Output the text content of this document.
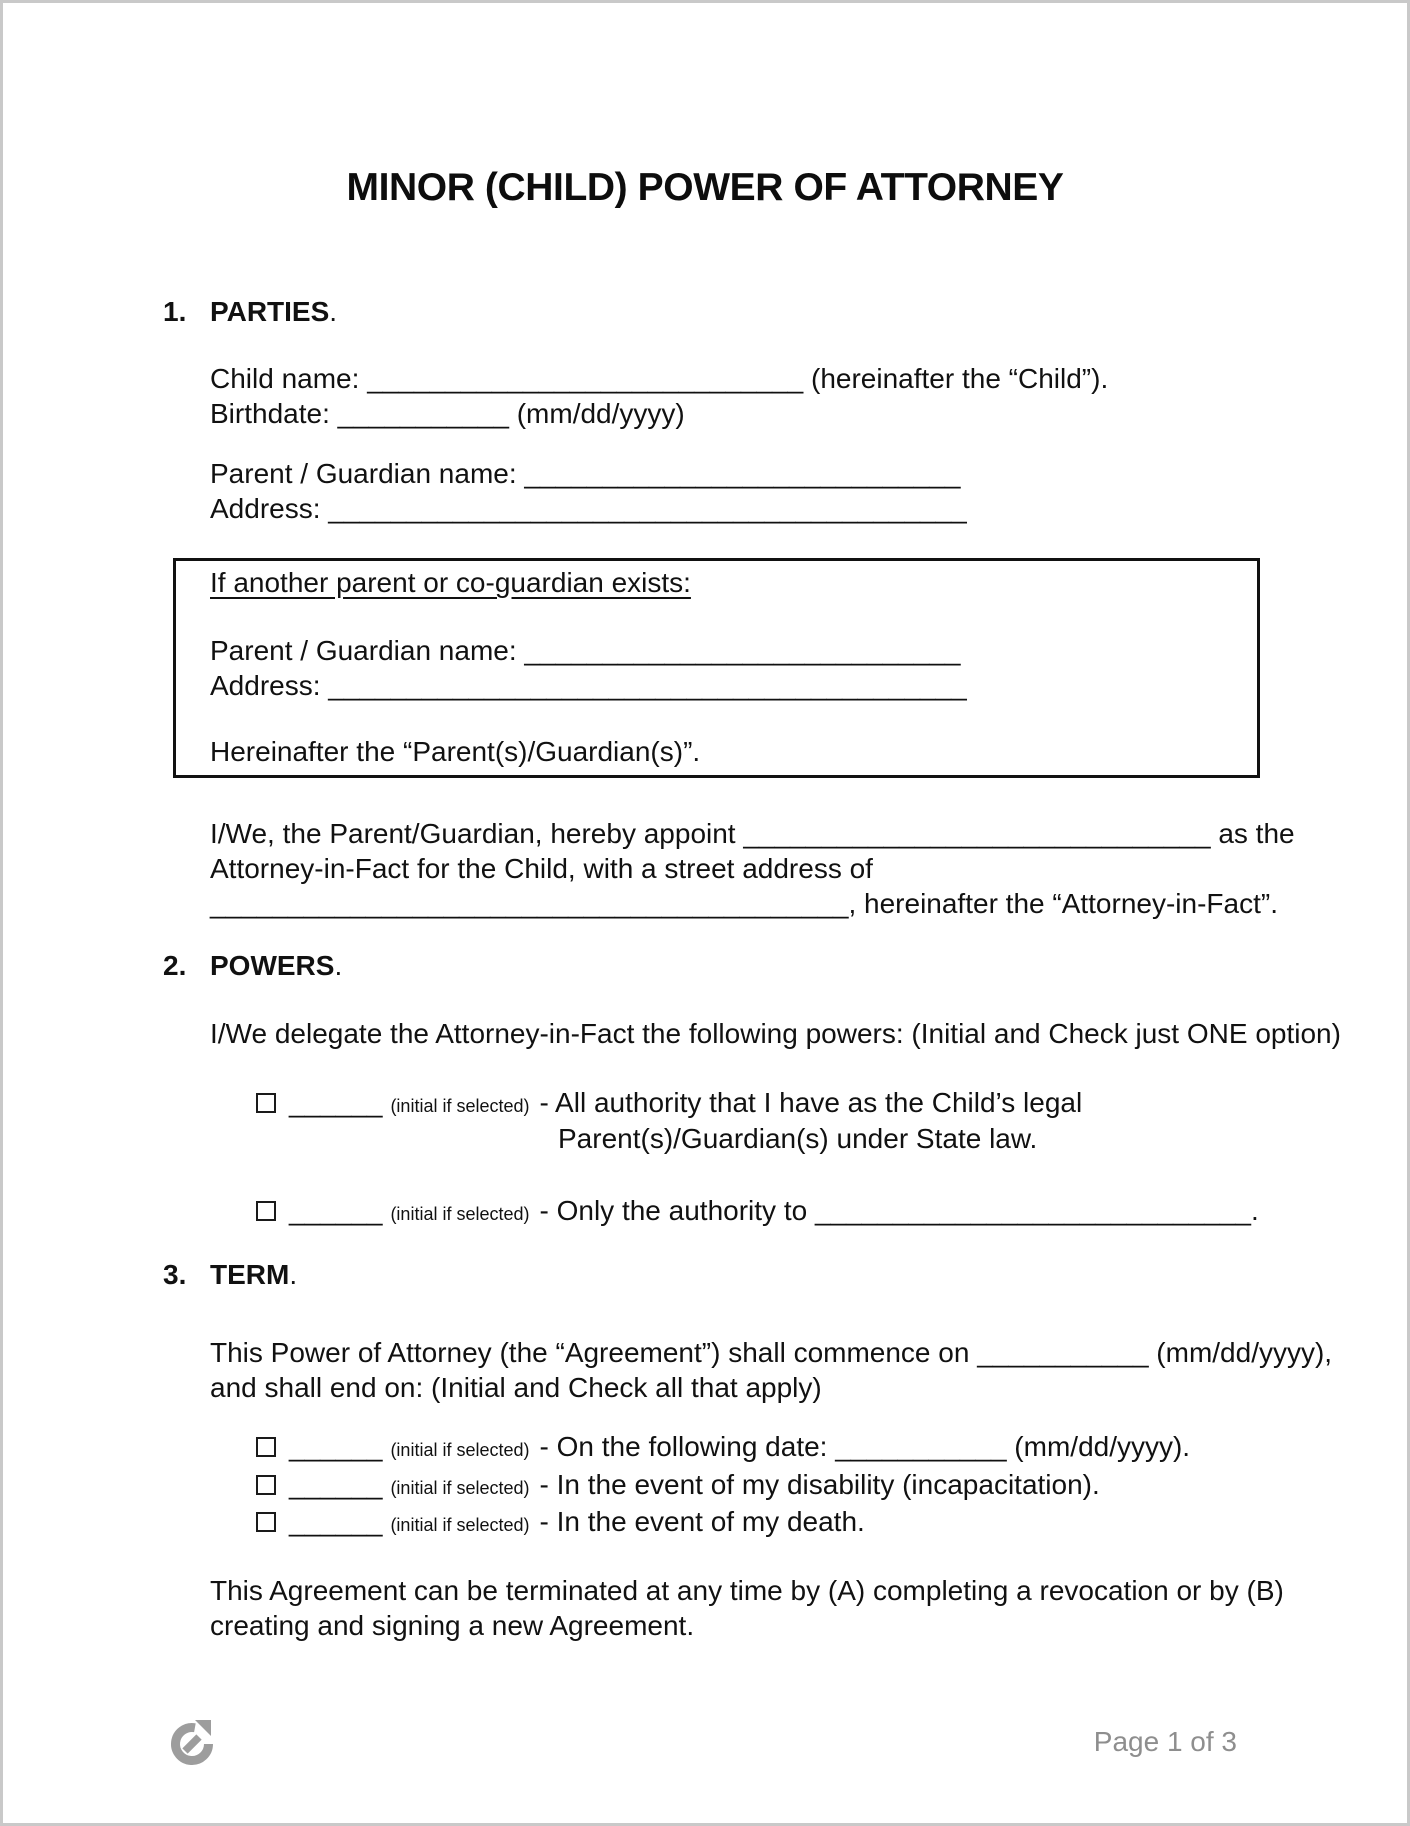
MINOR (CHILD) POWER OF ATTORNEY
1. PARTIES.
Child name: ____________________________ (hereinafter the “Child”).
Birthdate: ___________ (mm/dd/yyyy)
Parent / Guardian name: ____________________________
Address: _________________________________________
If another parent or co-guardian exists:
Parent / Guardian name: ____________________________
Address: _________________________________________
Hereinafter the “Parent(s)/Guardian(s)”.
I/We, the Parent/Guardian, hereby appoint ______________________________ as the
Attorney-in-Fact for the Child, with a street address of
_________________________________________, hereinafter the “Attorney-in-Fact”.
2. POWERS.
I/We delegate the Attorney-in-Fact the following powers: (Initial and Check just ONE option)
______ (initial if selected) - All authority that I have as the Child’s legal
Parent(s)/Guardian(s) under State law.
______ (initial if selected) - Only the authority to ____________________________.
3. TERM.
This Power of Attorney (the “Agreement”) shall commence on ___________ (mm/dd/yyyy),
and shall end on: (Initial and Check all that apply)
______ (initial if selected) - On the following date: ___________ (mm/dd/yyyy).
______ (initial if selected) - In the event of my disability (incapacitation).
______ (initial if selected) - In the event of my death.
This Agreement can be terminated at any time by (A) completing a revocation or by (B)
creating and signing a new Agreement.
Page 1 of 3
